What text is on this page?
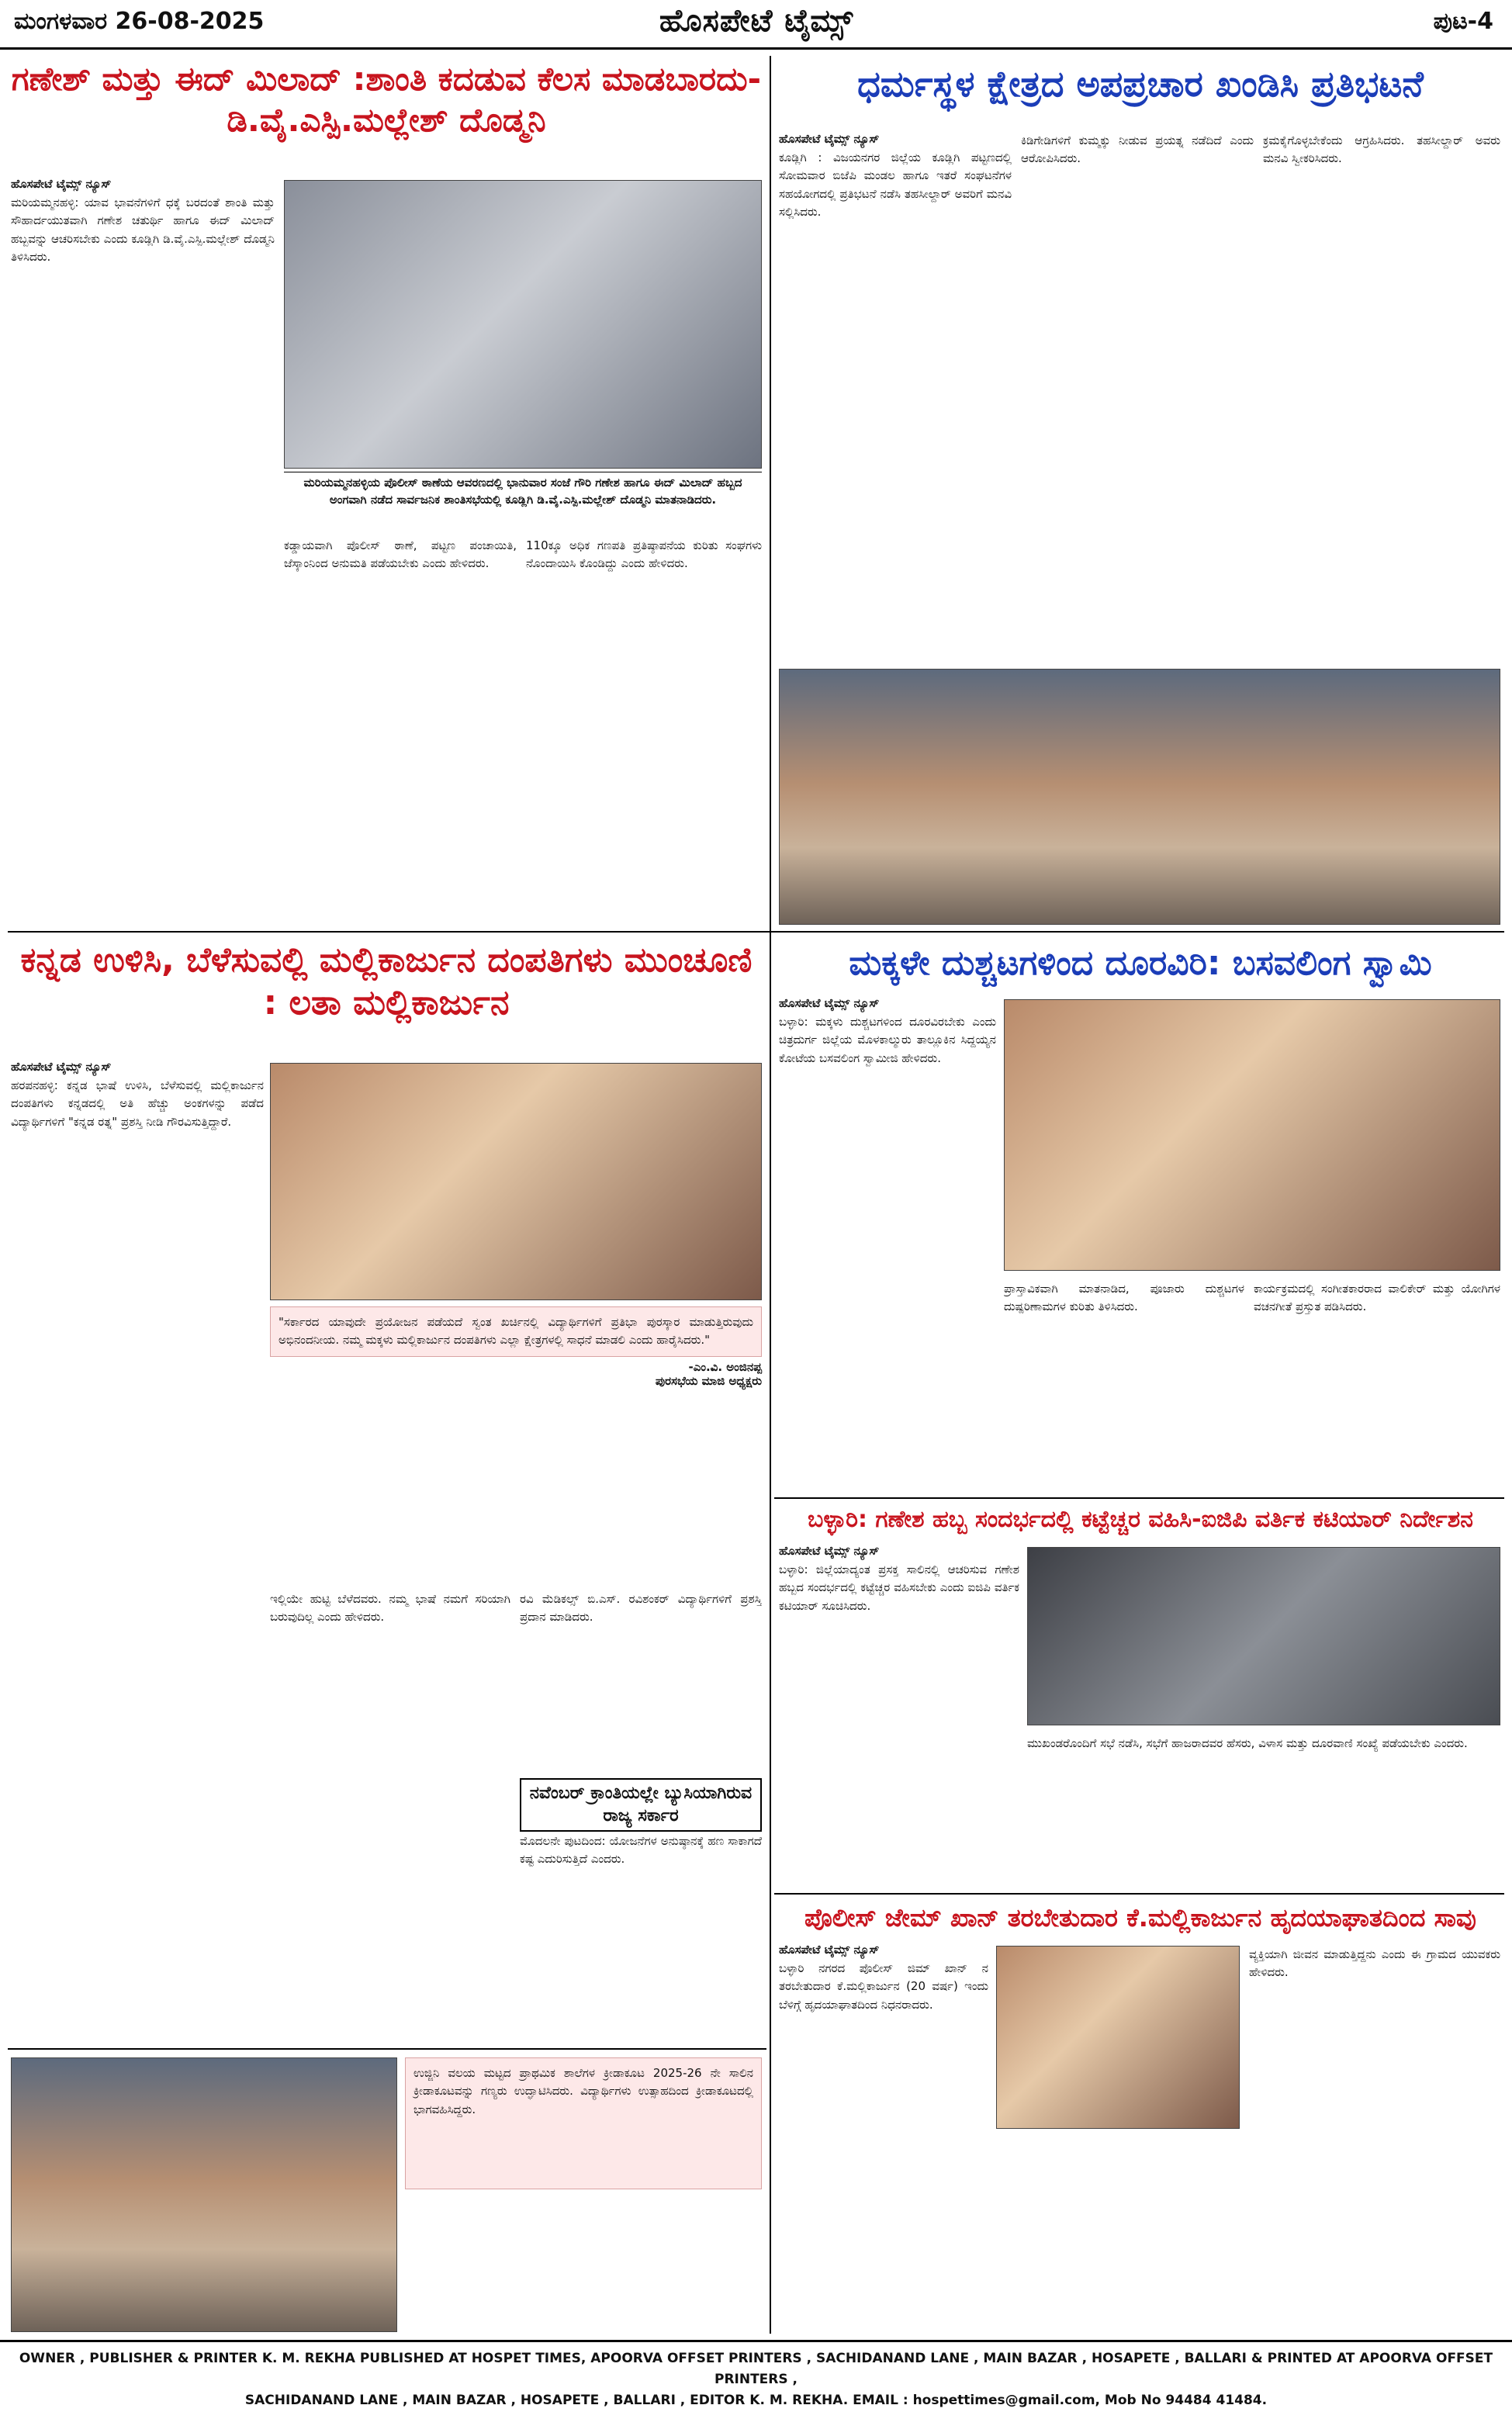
ಮಂಗಳವಾರ 26-08-2025	ಹೊಸಪೇಟೆ ಟೈಮ್ಸ್	ಪುಟ-4
ಗಣೇಶ್ ಮತ್ತು ಈದ್ ಮಿಲಾದ್ :ಶಾಂತಿ ಕದಡುವ ಕೆಲಸ ಮಾಡಬಾರದು-ಡಿ.ವೈ.ಎಸ್ಪಿ.ಮಲ್ಲೇಶ್ ದೊಡ್ಮನಿ
ಹೊಸಪೇಟೆ ಟೈಮ್ಸ್ ನ್ಯೂಸ್
ಮರಿಯಮ್ಮನಹಳ್ಳಿ: ಯಾವ ಭಾವನೆಗಳಿಗೆ ಧಕ್ಕೆ ಬರದಂತೆ ಶಾಂತಿ ಮತ್ತು ಸೌಹಾರ್ದಯುತವಾಗಿ ಗಣೇಶ ಚತುರ್ಥಿ ಹಾಗೂ ಈದ್ ಮಿಲಾದ್ ಹಬ್ಬವನ್ನು ಆಚರಿಸಬೇಕು ಎಂದು ಕೂಡ್ಲಿಗಿ ಡಿ.ವೈ.ಎಸ್ಪಿ.ಮಲ್ಲೇಶ್ ದೊಡ್ಮನಿ ತಿಳಿಸಿದರು.
ಮರಿಯಮ್ಮನಹಳ್ಳಿಯ ಪೊಲೀಸ್ ಠಾಣೆಯ ಆವರಣದಲ್ಲಿ ಭಾನುವಾರ ಸಂಜೆ ಗೌರಿ ಗಣೇಶ ಹಾಗೂ ಈದ್ ಮಿಲಾದ್ ಹಬ್ಬದ ಅಂಗವಾಗಿ ನಡೆದ ಸಾರ್ವಜನಿಕ ಶಾಂತಿಸಭೆಯಲ್ಲಿ ಕೂಡ್ಲಿಗಿ ಡಿ.ವೈ.ಎಸ್ಪಿ.ಮಲ್ಲೇಶ್ ದೊಡ್ಮನಿ ಮಾತನಾಡಿದರು.
ಕಡ್ಡಾಯವಾಗಿ ಪೊಲೀಸ್ ಠಾಣೆ, ಪಟ್ಟಣ ಪಂಚಾಯಿತಿ, ಜೆಸ್ಕಾಂನಿಂದ ಅನುಮತಿ ಪಡೆಯಬೇಕು ಎಂದು ಹೇಳಿದರು.
110ಕ್ಕೂ ಅಧಿಕ ಗಣಪತಿ ಪ್ರತಿಷ್ಠಾಪನೆಯ ಕುರಿತು ಸಂಘಗಳು ನೊಂದಾಯಿಸಿ ಕೊಂಡಿದ್ದು ಎಂದು ಹೇಳಿದರು.
ಧರ್ಮಸ್ಥಳ ಕ್ಷೇತ್ರದ ಅಪಪ್ರಚಾರ ಖಂಡಿಸಿ ಪ್ರತಿಭಟನೆ
ಹೊಸಪೇಟೆ ಟೈಮ್ಸ್ ನ್ಯೂಸ್
ಕೂಡ್ಲಿಗಿ : ವಿಜಯನಗರ ಜಿಲ್ಲೆಯ ಕೂಡ್ಲಿಗಿ ಪಟ್ಟಣದಲ್ಲಿ ಸೋಮವಾರ ಬಿಜೆಪಿ ಮಂಡಲ ಹಾಗೂ ಇತರೆ ಸಂಘಟನೆಗಳ ಸಹಯೋಗದಲ್ಲಿ ಪ್ರತಿಭಟನೆ ನಡೆಸಿ ತಹಸೀಲ್ದಾರ್ ಅವರಿಗೆ ಮನವಿ ಸಲ್ಲಿಸಿದರು.
ಕಿಡಿಗೇಡಿಗಳಿಗೆ ಕುಮ್ಮಕ್ಕು ನೀಡುವ ಪ್ರಯತ್ನ ನಡೆದಿದೆ ಎಂದು ಆರೋಪಿಸಿದರು.
ಕ್ರಮಕೈಗೊಳ್ಳಬೇಕೆಂದು ಆಗ್ರಹಿಸಿದರು. ತಹಸೀಲ್ದಾರ್ ಅವರು ಮನವಿ ಸ್ವೀಕರಿಸಿದರು.
ಕನ್ನಡ ಉಳಿಸಿ, ಬೆಳೆಸುವಲ್ಲಿ ಮಲ್ಲಿಕಾರ್ಜುನ ದಂಪತಿಗಳು ಮುಂಚೂಣಿ : ಲತಾ ಮಲ್ಲಿಕಾರ್ಜುನ
ಹೊಸಪೇಟೆ ಟೈಮ್ಸ್ ನ್ಯೂಸ್
ಹರಪನಹಳ್ಳಿ: ಕನ್ನಡ ಭಾಷೆ ಉಳಿಸಿ, ಬೆಳೆಸುವಲ್ಲಿ ಮಲ್ಲಿಕಾರ್ಜುನ ದಂಪತಿಗಳು ಕನ್ನಡದಲ್ಲಿ ಅತಿ ಹೆಚ್ಚು ಅಂಕಗಳನ್ನು ಪಡೆದ ವಿದ್ಯಾರ್ಥಿಗಳಿಗೆ "ಕನ್ನಡ ರತ್ನ" ಪ್ರಶಸ್ತಿ ನೀಡಿ ಗೌರವಿಸುತ್ತಿದ್ದಾರೆ.
"ಸರ್ಕಾರದ ಯಾವುದೇ ಪ್ರಯೋಜನ ಪಡೆಯದೆ ಸ್ವಂತ ಖರ್ಚಿನಲ್ಲಿ ವಿದ್ಯಾರ್ಥಿಗಳಿಗೆ ಪ್ರತಿಭಾ ಪುರಸ್ಕಾರ ಮಾಡುತ್ತಿರುವುದು ಅಭಿನಂದನೀಯ. ನಮ್ಮ ಮಕ್ಕಳು ಮಲ್ಲಿಕಾರ್ಜುನ ದಂಪತಿಗಳು ಎಲ್ಲಾ ಕ್ಷೇತ್ರಗಳಲ್ಲಿ ಸಾಧನೆ ಮಾಡಲಿ ಎಂದು ಹಾರೈಸಿದರು."
-ಎಂ.ವಿ. ಅಂಜಿನಪ್ಪ
ಪುರಸಭೆಯ ಮಾಜಿ ಅಧ್ಯಕ್ಷರು
ಇಲ್ಲಿಯೇ ಹುಟ್ಟಿ ಬೆಳೆದವರು. ನಮ್ಮ ಭಾಷೆ ನಮಗೆ ಸರಿಯಾಗಿ ಬರುವುದಿಲ್ಲ ಎಂದು ಹೇಳಿದರು.
ರವಿ ಮೆಡಿಕಲ್ಸ್ ಬಿ.ಎಸ್. ರವಿಶಂಕರ್ ವಿದ್ಯಾರ್ಥಿಗಳಿಗೆ ಪ್ರಶಸ್ತಿ ಪ್ರದಾನ ಮಾಡಿದರು.
ನವೆಂಬರ್ ಕ್ರಾಂತಿಯಲ್ಲೇ ಬ್ಯುಸಿಯಾಗಿರುವ ರಾಜ್ಯ ಸರ್ಕಾರ
ಮೊದಲನೇ ಪುಟದಿಂದ: ಯೋಜನೆಗಳ ಅನುಷ್ಠಾನಕ್ಕೆ ಹಣ ಸಾಕಾಗದೆ ಕಷ್ಟ ಎದುರಿಸುತ್ತಿದೆ ಎಂದರು.
ಉಜ್ಜಿನಿ ವಲಯ ಮಟ್ಟದ ಪ್ರಾಥಮಿಕ ಶಾಲೆಗಳ ಕ್ರೀಡಾಕೂಟ 2025-26 ನೇ ಸಾಲಿನ ಕ್ರೀಡಾಕೂಟವನ್ನು ಗಣ್ಯರು ಉದ್ಘಾಟಿಸಿದರು. ವಿದ್ಯಾರ್ಥಿಗಳು ಉತ್ಸಾಹದಿಂದ ಕ್ರೀಡಾಕೂಟದಲ್ಲಿ ಭಾಗವಹಿಸಿದ್ದರು.
ಮಕ್ಕಳೇ ದುಶ್ಚಟಗಳಿಂದ ದೂರವಿರಿ: ಬಸವಲಿಂಗ ಸ್ವಾಮಿ
ಹೊಸಪೇಟೆ ಟೈಮ್ಸ್ ನ್ಯೂಸ್
ಬಳ್ಳಾರಿ: ಮಕ್ಕಳು ದುಶ್ಚಟಗಳಿಂದ ದೂರವಿರಬೇಕು ಎಂದು ಚಿತ್ರದುರ್ಗ ಜಿಲ್ಲೆಯ ಮೊಳಕಾಲ್ಮುರು ತಾಲ್ಲೂಕಿನ ಸಿದ್ದಯ್ಯನ ಕೋಟೆಯ ಬಸವಲಿಂಗ ಸ್ವಾಮೀಜಿ ಹೇಳಿದರು.
ಪ್ರಾಸ್ತಾವಿಕವಾಗಿ ಮಾತನಾಡಿದ, ಪೂಜಾರು ದುಶ್ಚಟಗಳ ದುಷ್ಪರಿಣಾಮಗಳ ಕುರಿತು ತಿಳಿಸಿದರು.
ಕಾರ್ಯಕ್ರಮದಲ್ಲಿ ಸಂಗೀತಕಾರರಾದ ವಾಲಿಕೇರ್ ಮತ್ತು ಯೋಗಿಗಳ ವಚನಗೀತೆ ಪ್ರಸ್ತುತ ಪಡಿಸಿದರು.
ಬಳ್ಳಾರಿ: ಗಣೇಶ ಹಬ್ಬ ಸಂದರ್ಭದಲ್ಲಿ ಕಟ್ಟೆಚ್ಚರ ವಹಿಸಿ-ಐಜಿಪಿ ವರ್ತಿಕ ಕಟಿಯಾರ್ ನಿರ್ದೇಶನ
ಹೊಸಪೇಟೆ ಟೈಮ್ಸ್ ನ್ಯೂಸ್
ಬಳ್ಳಾರಿ: ಜಿಲ್ಲೆಯಾದ್ಯಂತ ಪ್ರಸಕ್ತ ಸಾಲಿನಲ್ಲಿ ಆಚರಿಸುವ ಗಣೇಶ ಹಬ್ಬದ ಸಂದರ್ಭದಲ್ಲಿ ಕಟ್ಟೆಚ್ಚರ ವಹಿಸಬೇಕು ಎಂದು ಐಜಿಪಿ ವರ್ತಿಕ ಕಟಿಯಾರ್ ಸೂಚಿಸಿದರು.
ಮುಖಂಡರೊಂದಿಗೆ ಸಭೆ ನಡೆಸಿ, ಸಭೆಗೆ ಹಾಜರಾದವರ ಹೆಸರು, ವಿಳಾಸ ಮತ್ತು ದೂರವಾಣಿ ಸಂಖ್ಯೆ ಪಡೆಯಬೇಕು ಎಂದರು.
ಪೊಲೀಸ್ ಜೇಮ್ ಖಾನ್ ತರಬೇತುದಾರ ಕೆ.ಮಲ್ಲಿಕಾರ್ಜುನ ಹೃದಯಾಘಾತದಿಂದ ಸಾವು
ಹೊಸಪೇಟೆ ಟೈಮ್ಸ್ ನ್ಯೂಸ್
ಬಳ್ಳಾರಿ ನಗರದ ಪೊಲೀಸ್ ಜಿಮ್ ಖಾನ್ ನ ತರಬೇತುದಾರ ಕೆ.ಮಲ್ಲಿಕಾರ್ಜುನ (20 ವರ್ಷ) ಇಂದು ಬೆಳಿಗ್ಗೆ ಹೃದಯಾಘಾತದಿಂದ ನಿಧನರಾದರು.
ವ್ಯಕ್ತಿಯಾಗಿ ಜೀವನ ಮಾಡುತ್ತಿದ್ದನು ಎಂದು ಈ ಗ್ರಾಮದ ಯುವಕರು ಹೇಳಿದರು.
OWNER , PUBLISHER & PRINTER K. M. REKHA PUBLISHED AT HOSPET TIMES, APOORVA OFFSET PRINTERS , SACHIDANAND LANE , MAIN BAZAR , HOSAPETE , BALLARI & PRINTED AT APOORVA OFFSET PRINTERS ,
SACHIDANAND LANE , MAIN BAZAR , HOSAPETE , BALLARI , EDITOR K. M. REKHA. EMAIL : hospettimes@gmail.com, Mob No 94484 41484.
